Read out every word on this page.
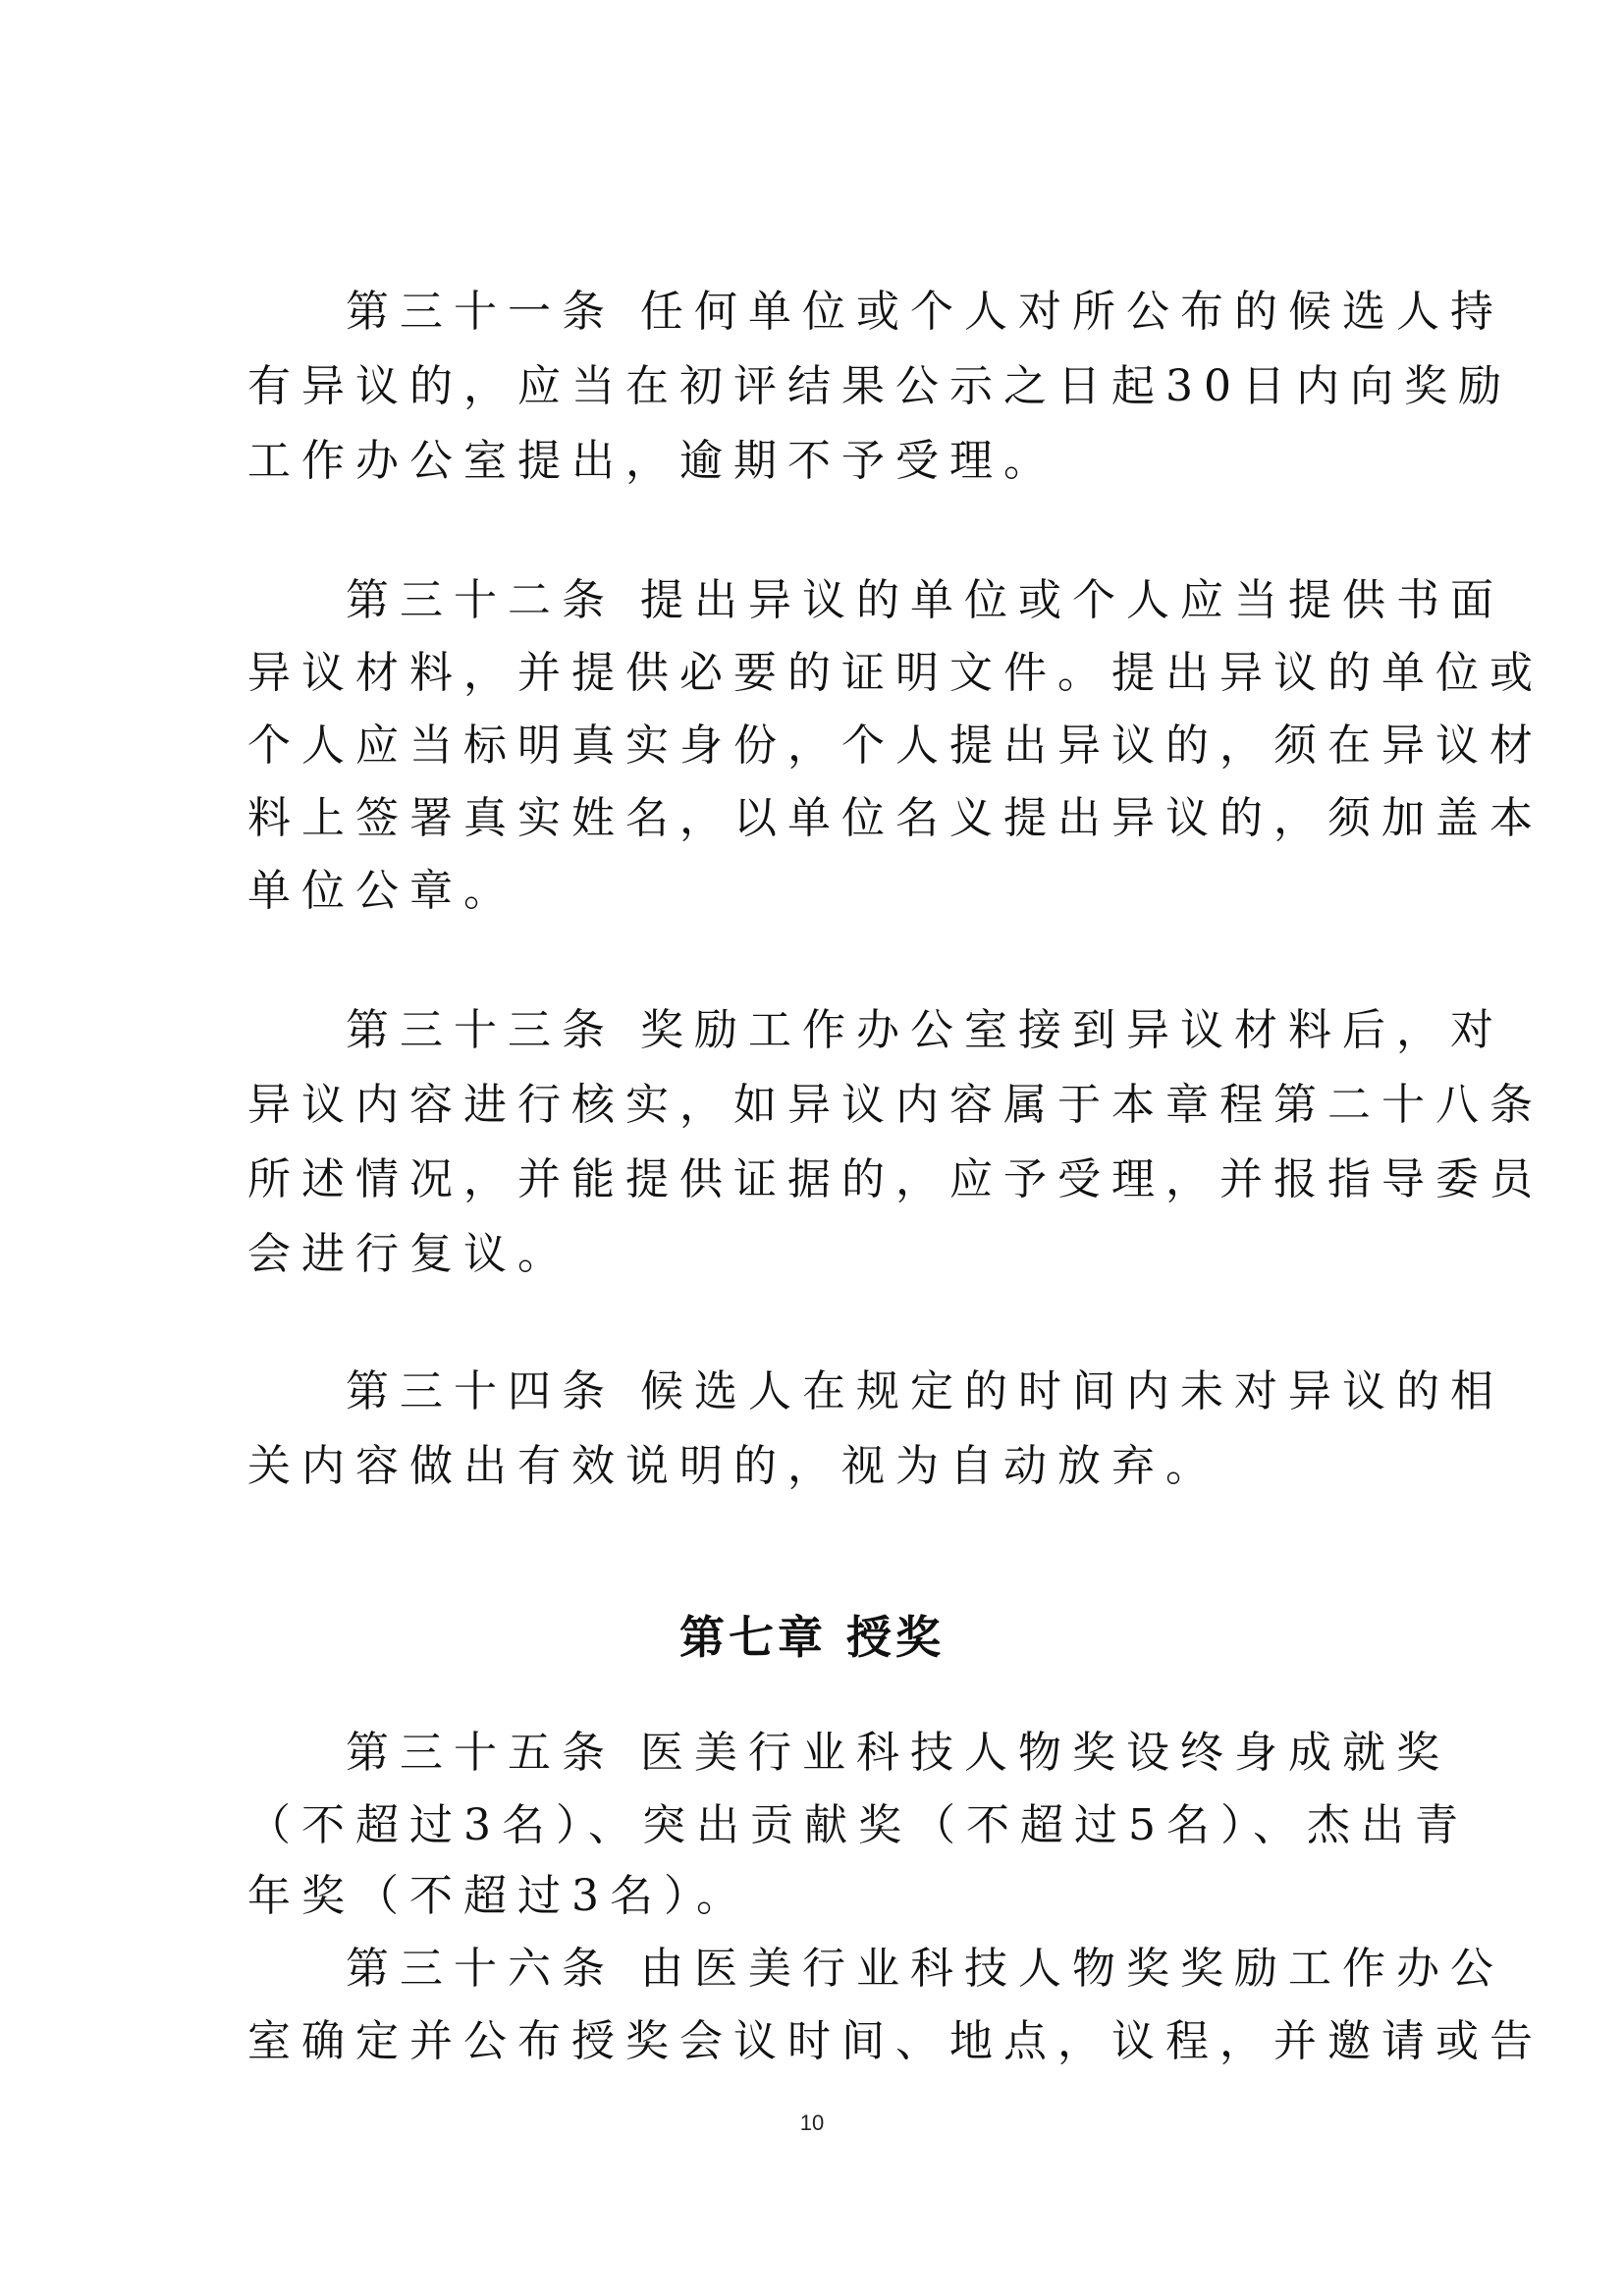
第三十一条 任何单位或个人对所公布的候选人持
有异议的，应当在初评结果公示之日起30日内向奖励
工作办公室提出，逾期不予受理。
第三十二条 提出异议的单位或个人应当提供书面
异议材料，并提供必要的证明文件。提出异议的单位或
个人应当标明真实身份，个人提出异议的，须在异议材
料上签署真实姓名，以单位名义提出异议的，须加盖本
单位公章。
第三十三条 奖励工作办公室接到异议材料后，对
异议内容进行核实，如异议内容属于本章程第二十八条
所述情况，并能提供证据的，应予受理，并报指导委员
会进行复议。
第三十四条 候选人在规定的时间内未对异议的相
关内容做出有效说明的，视为自动放弃。
第七章 授奖
第三十五条 医美行业科技人物奖设终身成就奖
（不超过3名）、突出贡献奖（不超过5名）、杰出青
年奖（不超过3名）。
第三十六条 由医美行业科技人物奖奖励工作办公
室确定并公布授奖会议时间、地点，议程，并邀请或告
10
